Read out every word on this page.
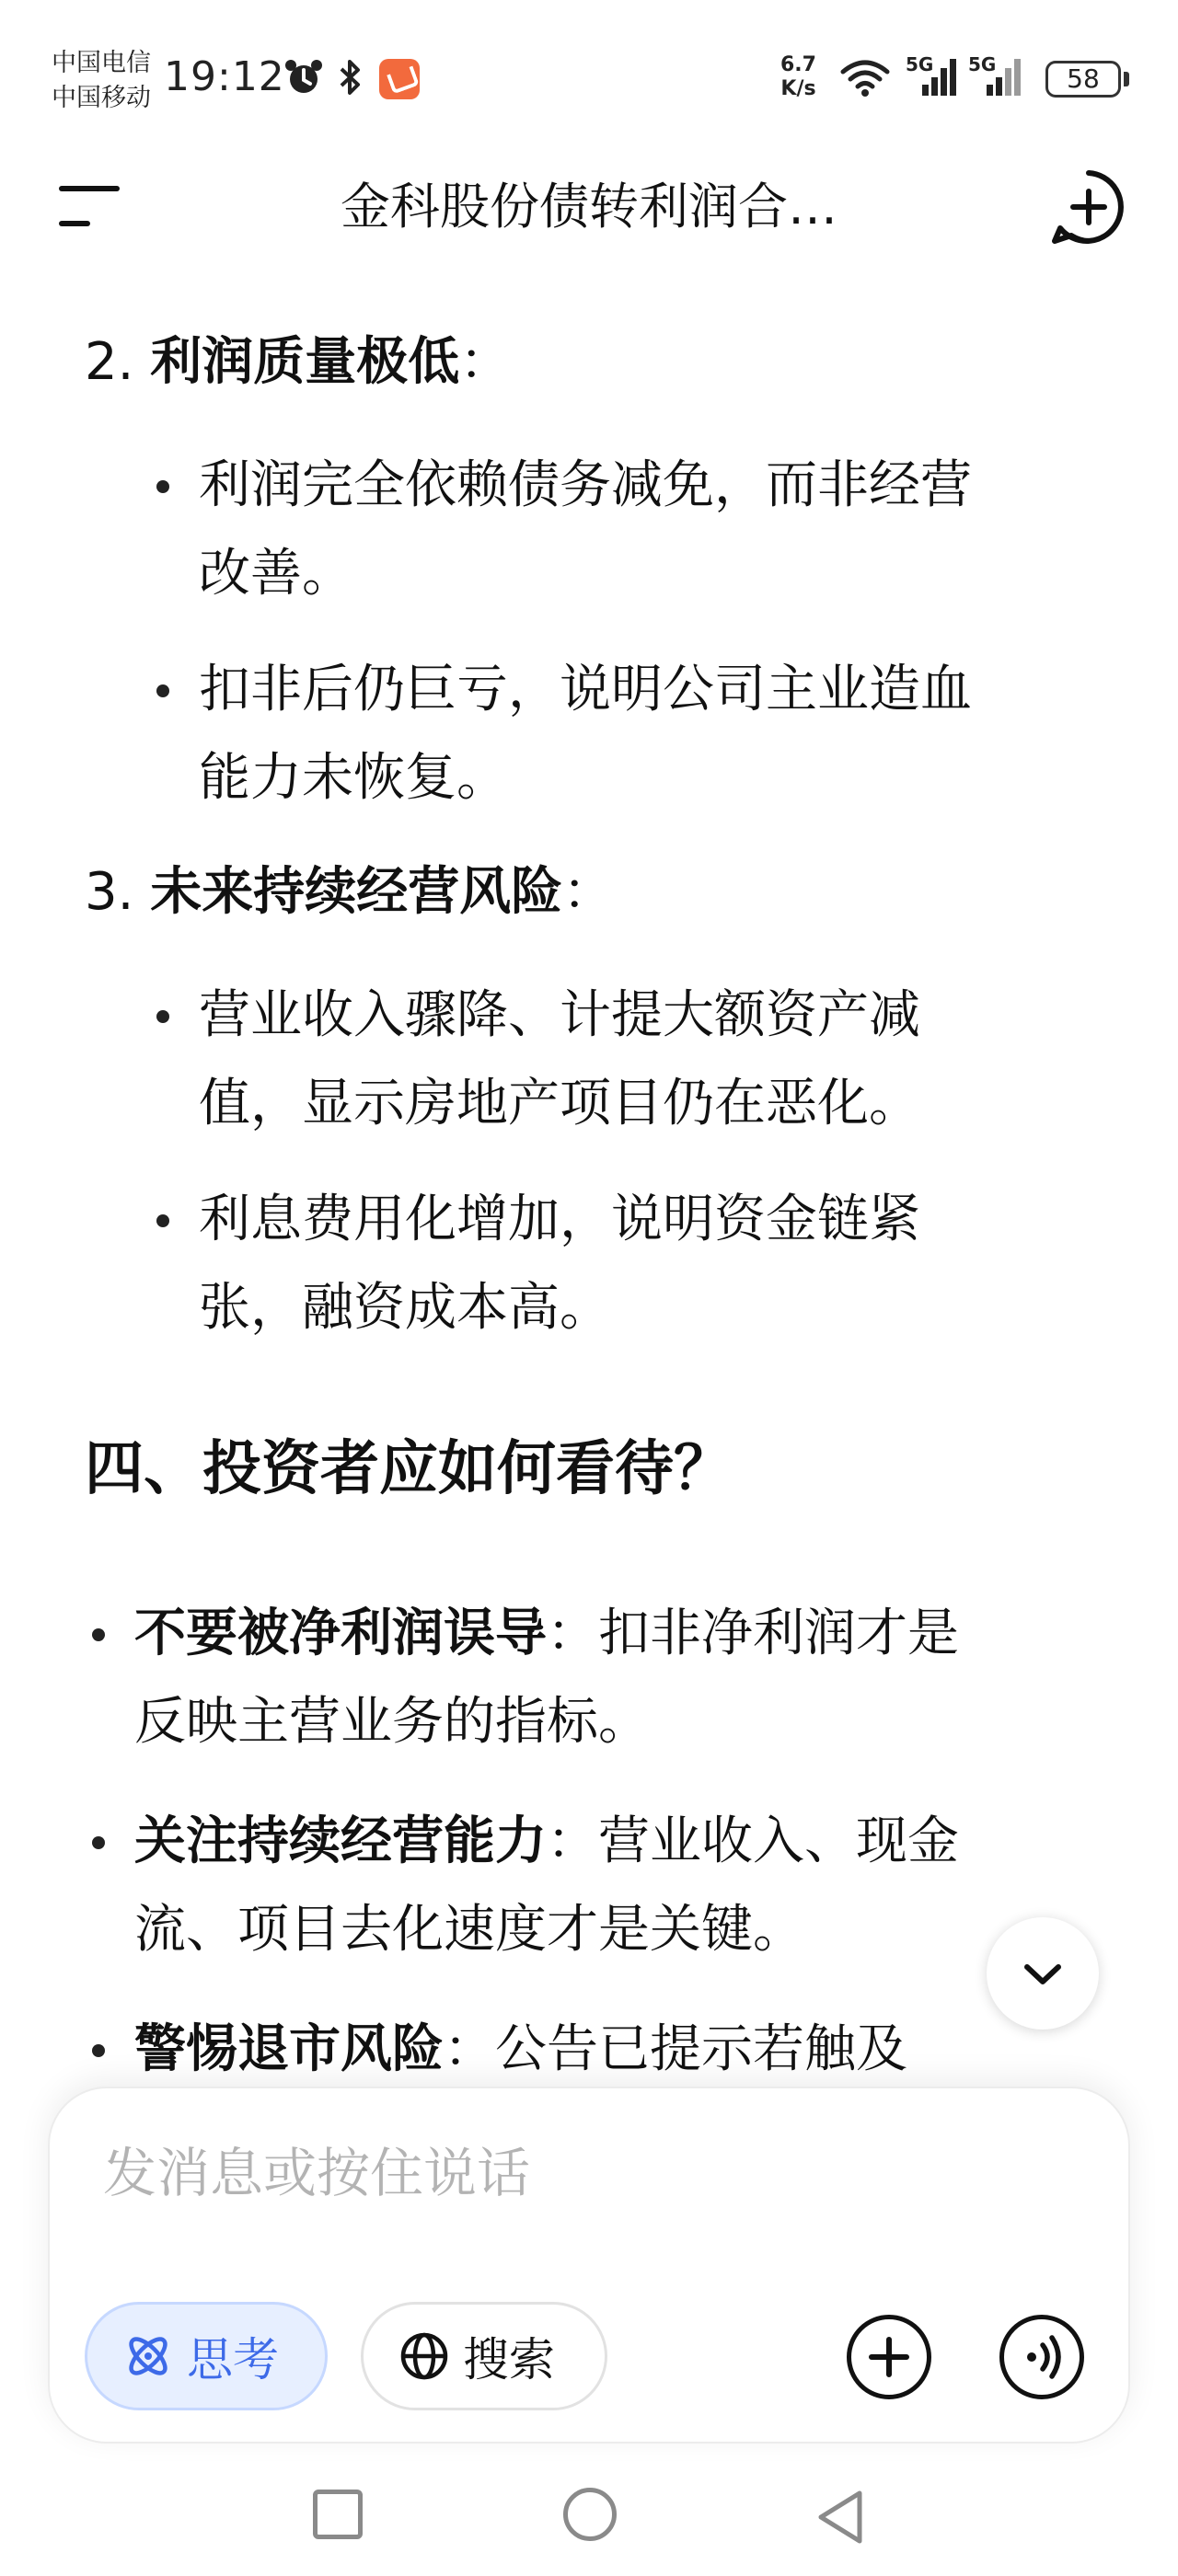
中国电信
中国移动 19:12	6.7
K/s
5G 5G	58
金科股份债转利润合…
2. 利润质量极低：
利润完全依赖债务减免，而非经营
改善。
扣非后仍巨亏，说明公司主业造血
能力未恢复。
3. 未来持续经营风险：
营业收入骤降、计提大额资产减
值，显示房地产项目仍在恶化。
利息费用化增加，说明资金链紧
张，融资成本高。
四、投资者应如何看待？
不要被净利润误导：扣非净利润才是
反映主营业务的指标。
关注持续经营能力：营业收入、现金
流、项目去化速度才是关键。
警惕退市风险：公告已提示若触及
发消息或按住说话
思考	搜索
